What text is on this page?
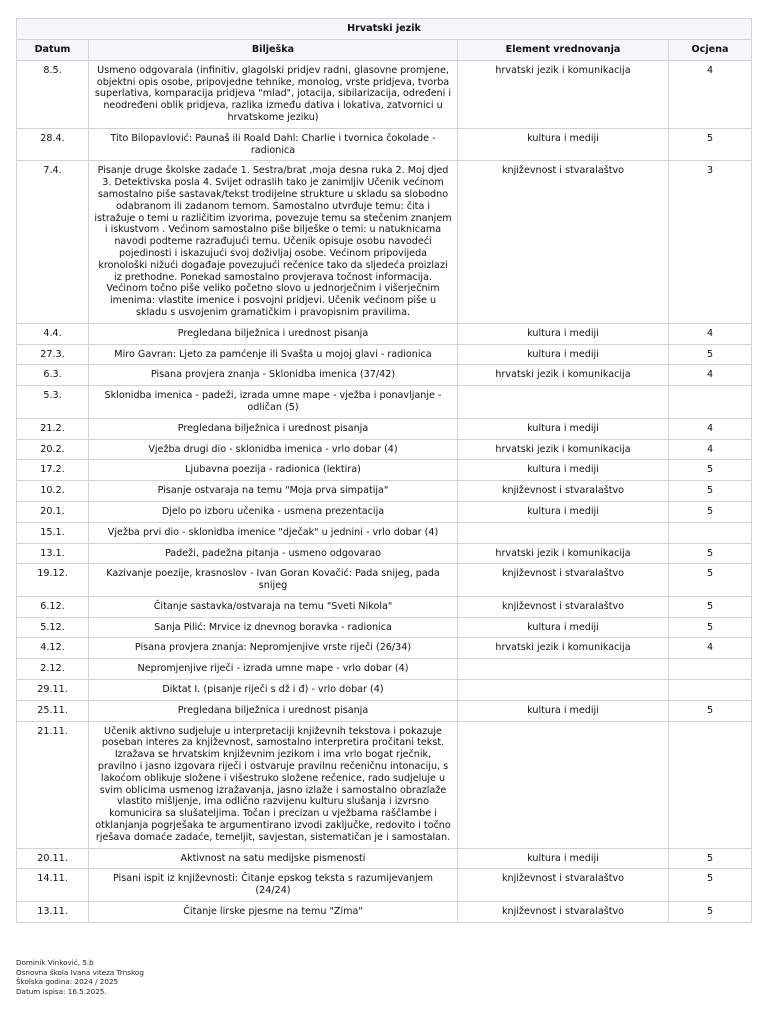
Hrvatski jezik			
Datum	Bilješka	Element vrednovanja	Ocjena
8.5.	Usmeno odgovarala (infinitiv, glagolski pridjev radni, glasovne promjene, objektni opis osobe, pripovjedne tehnike, monolog, vrste pridjeva, tvorba superlativa, komparacija pridjeva "mlad", jotacija, sibilarizacija, određeni i neodređeni oblik pridjeva, razlika između dativa i lokativa, zatvornici u hrvatskome jeziku)	hrvatski jezik i komunikacija	4
28.4.	Tito Bilopavlović: Paunaš ili Roald Dahl: Charlie i tvornica čokolade - radionica	kultura i mediji	5
7.4.	Pisanje druge školske zadaće 1. Sestra/brat ,moja desna ruka 2. Moj djed 3. Detektivska posla 4. Svijet odraslih tako je zanimljiv Učenik većinom samostalno piše sastavak/tekst trodijelne strukture u skladu sa slobodno odabranom ili zadanom temom. Samostalno utvrđuje temu: čita i istražuje o temi u različitim izvorima, povezuje temu sa stečenim znanjem i iskustvom . Većinom samostalno piše bilješke o temi: u natuknicama navodi podteme razrađujući temu. Učenik opisuje osobu navodeći pojedinosti i iskazujući svoj doživljaj osobe. Većinom pripovijeda kronološki nižući događaje povezujući rečenice tako da sljedeća proizlazi iz prethodne. Ponekad samostalno provjerava točnost informacija. Većinom točno piše veliko početno slovo u jednorječnim i višerječnim imenima: vlastite imenice i posvojni pridjevi. Učenik većinom piše u skladu s usvojenim gramatičkim i pravopisnim pravilima.	književnost i stvaralaštvo	3
4.4.	Pregledana bilježnica i urednost pisanja	kultura i mediji	4
27.3.	Miro Gavran: Ljeto za pamćenje ili Svašta u mojoj glavi - radionica	kultura i mediji	5
6.3.	Pisana provjera znanja - Sklonidba imenica (37/42)	hrvatski jezik i komunikacija	4
5.3.	Sklonidba imenica - padeži, izrada umne mape - vježba i ponavljanje - odličan (5)		
21.2.	Pregledana bilježnica i urednost pisanja	kultura i mediji	4
20.2.	Vježba drugi dio - sklonidba imenica - vrlo dobar (4)	hrvatski jezik i komunikacija	4
17.2.	Ljubavna poezija - radionica (lektira)	kultura i mediji	5
10.2.	Pisanje ostvaraja na temu "Moja prva simpatija"	književnost i stvaralaštvo	5
20.1.	Djelo po izboru učenika - usmena prezentacija	kultura i mediji	5
15.1.	Vježba prvi dio - sklonidba imenice "dječak" u jednini - vrlo dobar (4)		
13.1.	Padeži, padežna pitanja - usmeno odgovarao	hrvatski jezik i komunikacija	5
19.12.	Kazivanje poezije, krasnoslov - Ivan Goran Kovačić: Pada snijeg, pada snijeg	književnost i stvaralaštvo	5
6.12.	Čitanje sastavka/ostvaraja na temu "Sveti Nikola"	književnost i stvaralaštvo	5
5.12.	Sanja Pilić: Mrvice iz dnevnog boravka - radionica	kultura i mediji	5
4.12.	Pisana provjera znanja: Nepromjenjive vrste riječi (26/34)	hrvatski jezik i komunikacija	4
2.12.	Nepromjenjive riječi - izrada umne mape - vrlo dobar (4)		
29.11.	Diktat I. (pisanje riječi s dž i đ) - vrlo dobar (4)		
25.11.	Pregledana bilježnica i urednost pisanja	kultura i mediji	5
21.11.	Učenik aktivno sudjeluje u interpretaciji književnih tekstova i pokazuje poseban interes za književnost, samostalno interpretira pročitani tekst. Izražava se hrvatskim književnim jezikom i ima vrlo bogat rječnik, pravilno i jasno izgovara riječi i ostvaruje pravilnu rečeničnu intonaciju, s lakoćom oblikuje složene i višestruko složene rečenice, rado sudjeluje u svim oblicima usmenog izražavanja, jasno izlaže i samostalno obrazlaže vlastito mišljenje, ima odlično razvijenu kulturu slušanja i izvrsno komunicira sa slušateljima. Točan i precizan u vježbama raščlambe i otklanjanja pogrješaka te argumentirano izvodi zaključke, redovito i točno rješava domaće zadaće, temeljit, savjestan, sistematičan je i samostalan.		
20.11.	Aktivnost na satu medijske pismenosti	kultura i mediji	5
14.11.	Pisani ispit iz književnosti: Čitanje epskog teksta s razumijevanjem (24/24)	književnost i stvaralaštvo	5
13.11.	Čitanje lirske pjesme na temu "Zima"	književnost i stvaralaštvo	5
Dominik Vinković, 5.b
Osnovna škola Ivana viteza Trnskog
Školska godina: 2024 / 2025
Datum ispisa: 16.5.2025.
